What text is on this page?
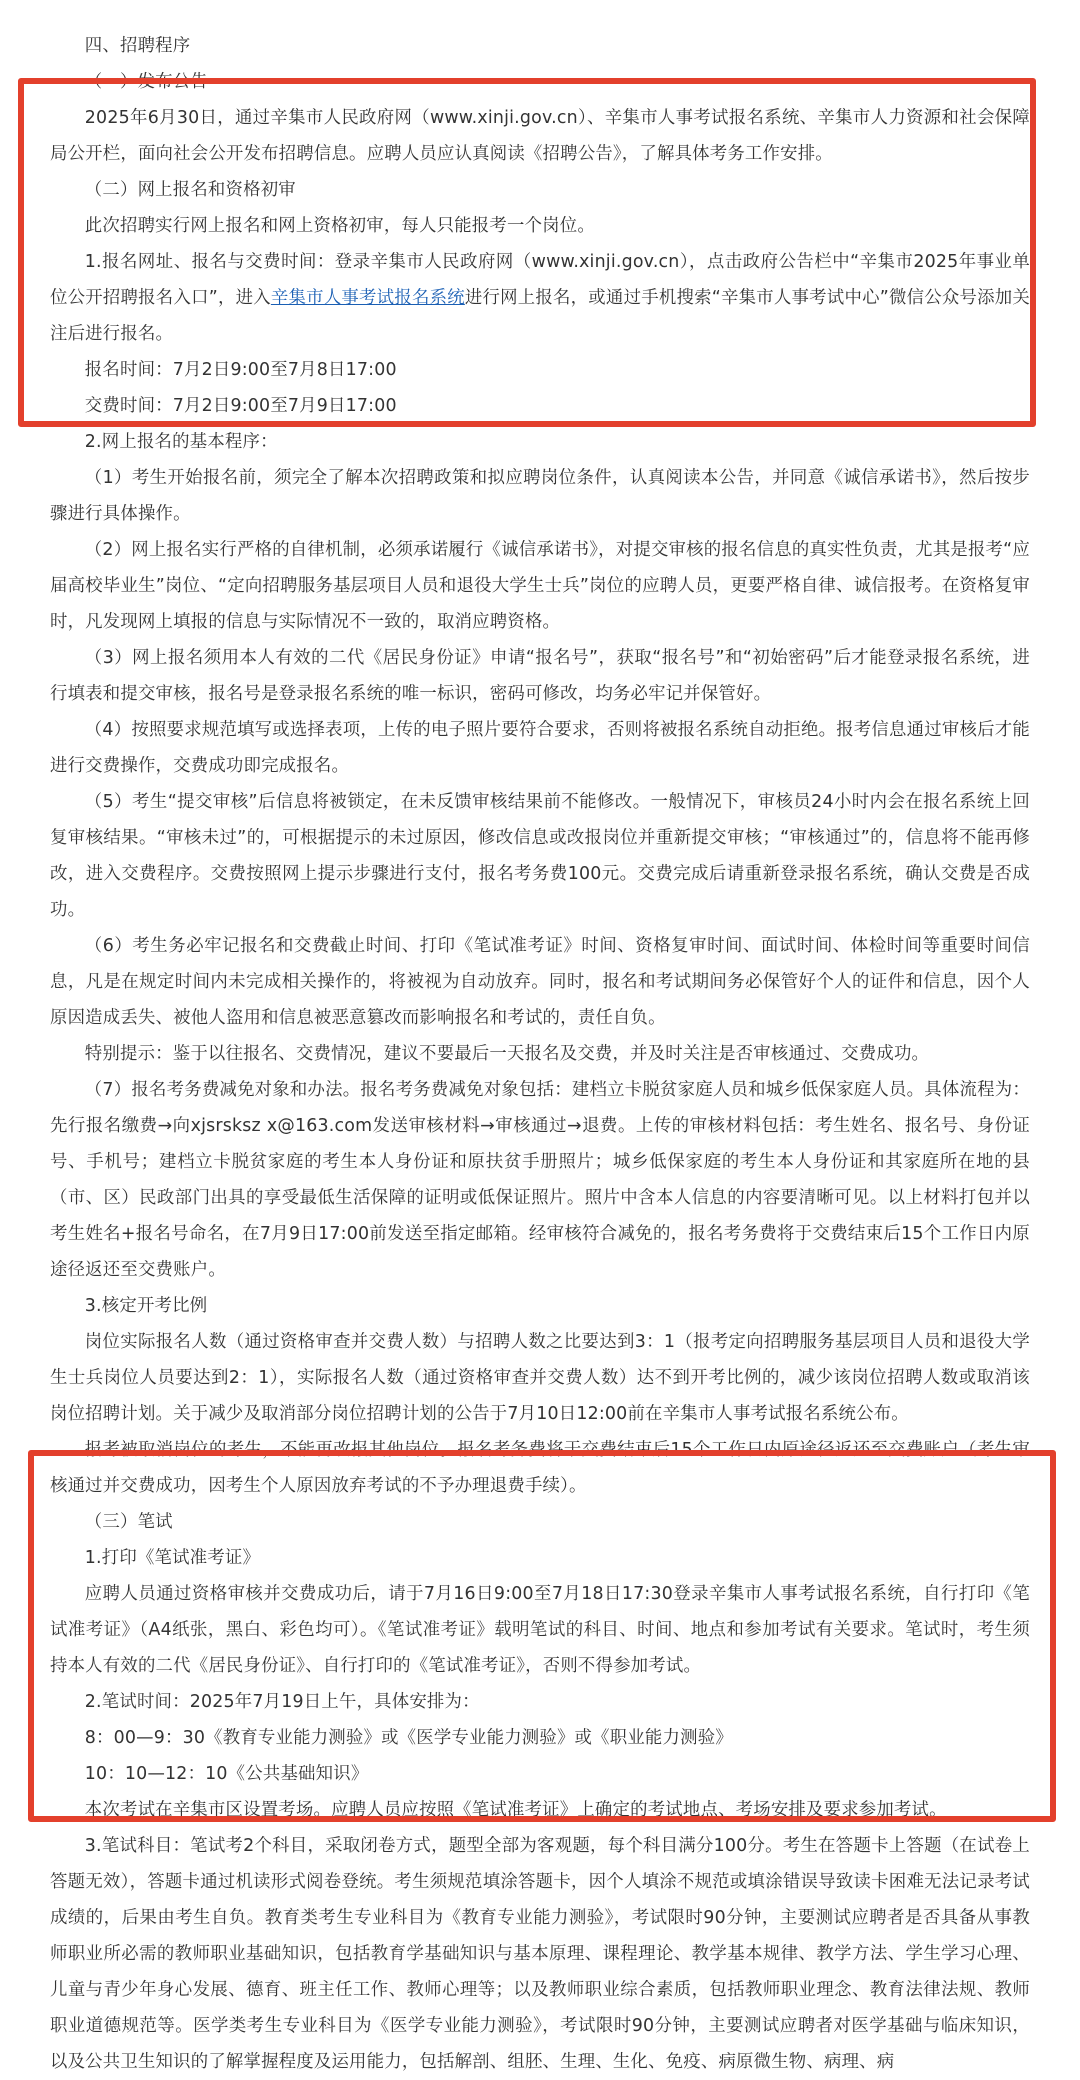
四、招聘程序

（一）发布公告

2025年6月30日，通过辛集市人民政府网（www.xinji.gov.cn）、辛集市人事考试报名系统、辛集市人力资源和社会保障局公开栏，面向社会公开发布招聘信息。应聘人员应认真阅读《招聘公告》，了解具体考务工作安排。

（二）网上报名和资格初审

此次招聘实行网上报名和网上资格初审，每人只能报考一个岗位。

1.报名网址、报名与交费时间：登录辛集市人民政府网（www.xinji.gov.cn），点击政府公告栏中“辛集市2025年事业单位公开招聘报名入口”，进入辛集市人事考试报名系统进行网上报名，或通过手机搜索“辛集市人事考试中心”微信公众号添加关注后进行报名。

报名时间：7月2日9:00至7月8日17:00

交费时间：7月2日9:00至7月9日17:00

2.网上报名的基本程序：

（1）考生开始报名前，须完全了解本次招聘政策和拟应聘岗位条件，认真阅读本公告，并同意《诚信承诺书》，然后按步骤进行具体操作。

（2）网上报名实行严格的自律机制，必须承诺履行《诚信承诺书》，对提交审核的报名信息的真实性负责，尤其是报考“应届高校毕业生”岗位、“定向招聘服务基层项目人员和退役大学生士兵”岗位的应聘人员，更要严格自律、诚信报考。在资格复审时，凡发现网上填报的信息与实际情况不一致的，取消应聘资格。

（3）网上报名须用本人有效的二代《居民身份证》申请“报名号”，获取“报名号”和“初始密码”后才能登录报名系统，进行填表和提交审核，报名号是登录报名系统的唯一标识，密码可修改，均务必牢记并保管好。

（4）按照要求规范填写或选择表项，上传的电子照片要符合要求，否则将被报名系统自动拒绝。报考信息通过审核后才能进行交费操作，交费成功即完成报名。

（5）考生“提交审核”后信息将被锁定，在未反馈审核结果前不能修改。一般情况下，审核员24小时内会在报名系统上回复审核结果。“审核未过”的，可根据提示的未过原因，修改信息或改报岗位并重新提交审核；“审核通过”的，信息将不能再修改，进入交费程序。交费按照网上提示步骤进行支付，报名考务费100元。交费完成后请重新登录报名系统，确认交费是否成功。

（6）考生务必牢记报名和交费截止时间、打印《笔试准考证》时间、资格复审时间、面试时间、体检时间等重要时间信息，凡是在规定时间内未完成相关操作的，将被视为自动放弃。同时，报名和考试期间务必保管好个人的证件和信息，因个人原因造成丢失、被他人盗用和信息被恶意篡改而影响报名和考试的，责任自负。

特别提示：鉴于以往报名、交费情况，建议不要最后一天报名及交费，并及时关注是否审核通过、交费成功。

（7）报名考务费减免对象和办法。报名考务费减免对象包括：建档立卡脱贫家庭人员和城乡低保家庭人员。具体流程为：先行报名缴费→向xjsrsksz x@163.com发送审核材料→审核通过→退费。上传的审核材料包括：考生姓名、报名号、身份证号、手机号；建档立卡脱贫家庭的考生本人身份证和原扶贫手册照片；城乡低保家庭的考生本人身份证和其家庭所在地的县（市、区）民政部门出具的享受最低生活保障的证明或低保证照片。照片中含本人信息的内容要清晰可见。以上材料打包并以考生姓名+报名号命名，在7月9日17:00前发送至指定邮箱。经审核符合减免的，报名考务费将于交费结束后15个工作日内原途径返还至交费账户。

3.核定开考比例

岗位实际报名人数（通过资格审查并交费人数）与招聘人数之比要达到3：1（报考定向招聘服务基层项目人员和退役大学生士兵岗位人员要达到2：1），实际报名人数（通过资格审查并交费人数）达不到开考比例的，减少该岗位招聘人数或取消该岗位招聘计划。关于减少及取消部分岗位招聘计划的公告于7月10日12:00前在辛集市人事考试报名系统公布。

报考被取消岗位的考生，不能再改报其他岗位。报名考务费将于交费结束后15个工作日内原途径返还至交费账户（考生审核通过并交费成功，因考生个人原因放弃考试的不予办理退费手续）。

（三）笔试

1.打印《笔试准考证》

应聘人员通过资格审核并交费成功后，请于7月16日9:00至7月18日17:30登录辛集市人事考试报名系统，自行打印《笔试准考证》（A4纸张，黑白、彩色均可）。《笔试准考证》载明笔试的科目、时间、地点和参加考试有关要求。笔试时，考生须持本人有效的二代《居民身份证》、自行打印的《笔试准考证》，否则不得参加考试。

2.笔试时间：2025年7月19日上午，具体安排为：

8：00—9：30《教育专业能力测验》或《医学专业能力测验》或《职业能力测验》

10：10—12：10《公共基础知识》

本次考试在辛集市区设置考场。应聘人员应按照《笔试准考证》上确定的考试地点、考场安排及要求参加考试。

3.笔试科目：笔试考2个科目，采取闭卷方式，题型全部为客观题，每个科目满分100分。考生在答题卡上答题（在试卷上答题无效），答题卡通过机读形式阅卷登统。考生须规范填涂答题卡，因个人填涂不规范或填涂错误导致读卡困难无法记录考试成绩的，后果由考生自负。教育类考生专业科目为《教育专业能力测验》，考试限时90分钟，主要测试应聘者是否具备从事教师职业所必需的教师职业基础知识，包括教育学基础知识与基本原理、课程理论、教学基本规律、教学方法、学生学习心理、儿童与青少年身心发展、德育、班主任工作、教师心理等；以及教师职业综合素质，包括教师职业理念、教育法律法规、教师职业道德规范等。医学类考生专业科目为《医学专业能力测验》，考试限时90分钟，主要测试应聘者对医学基础与临床知识，以及公共卫生知识的了解掌握程度及运用能力，包括解剖、组胚、生理、生化、免疫、病原微生物、病理、病
